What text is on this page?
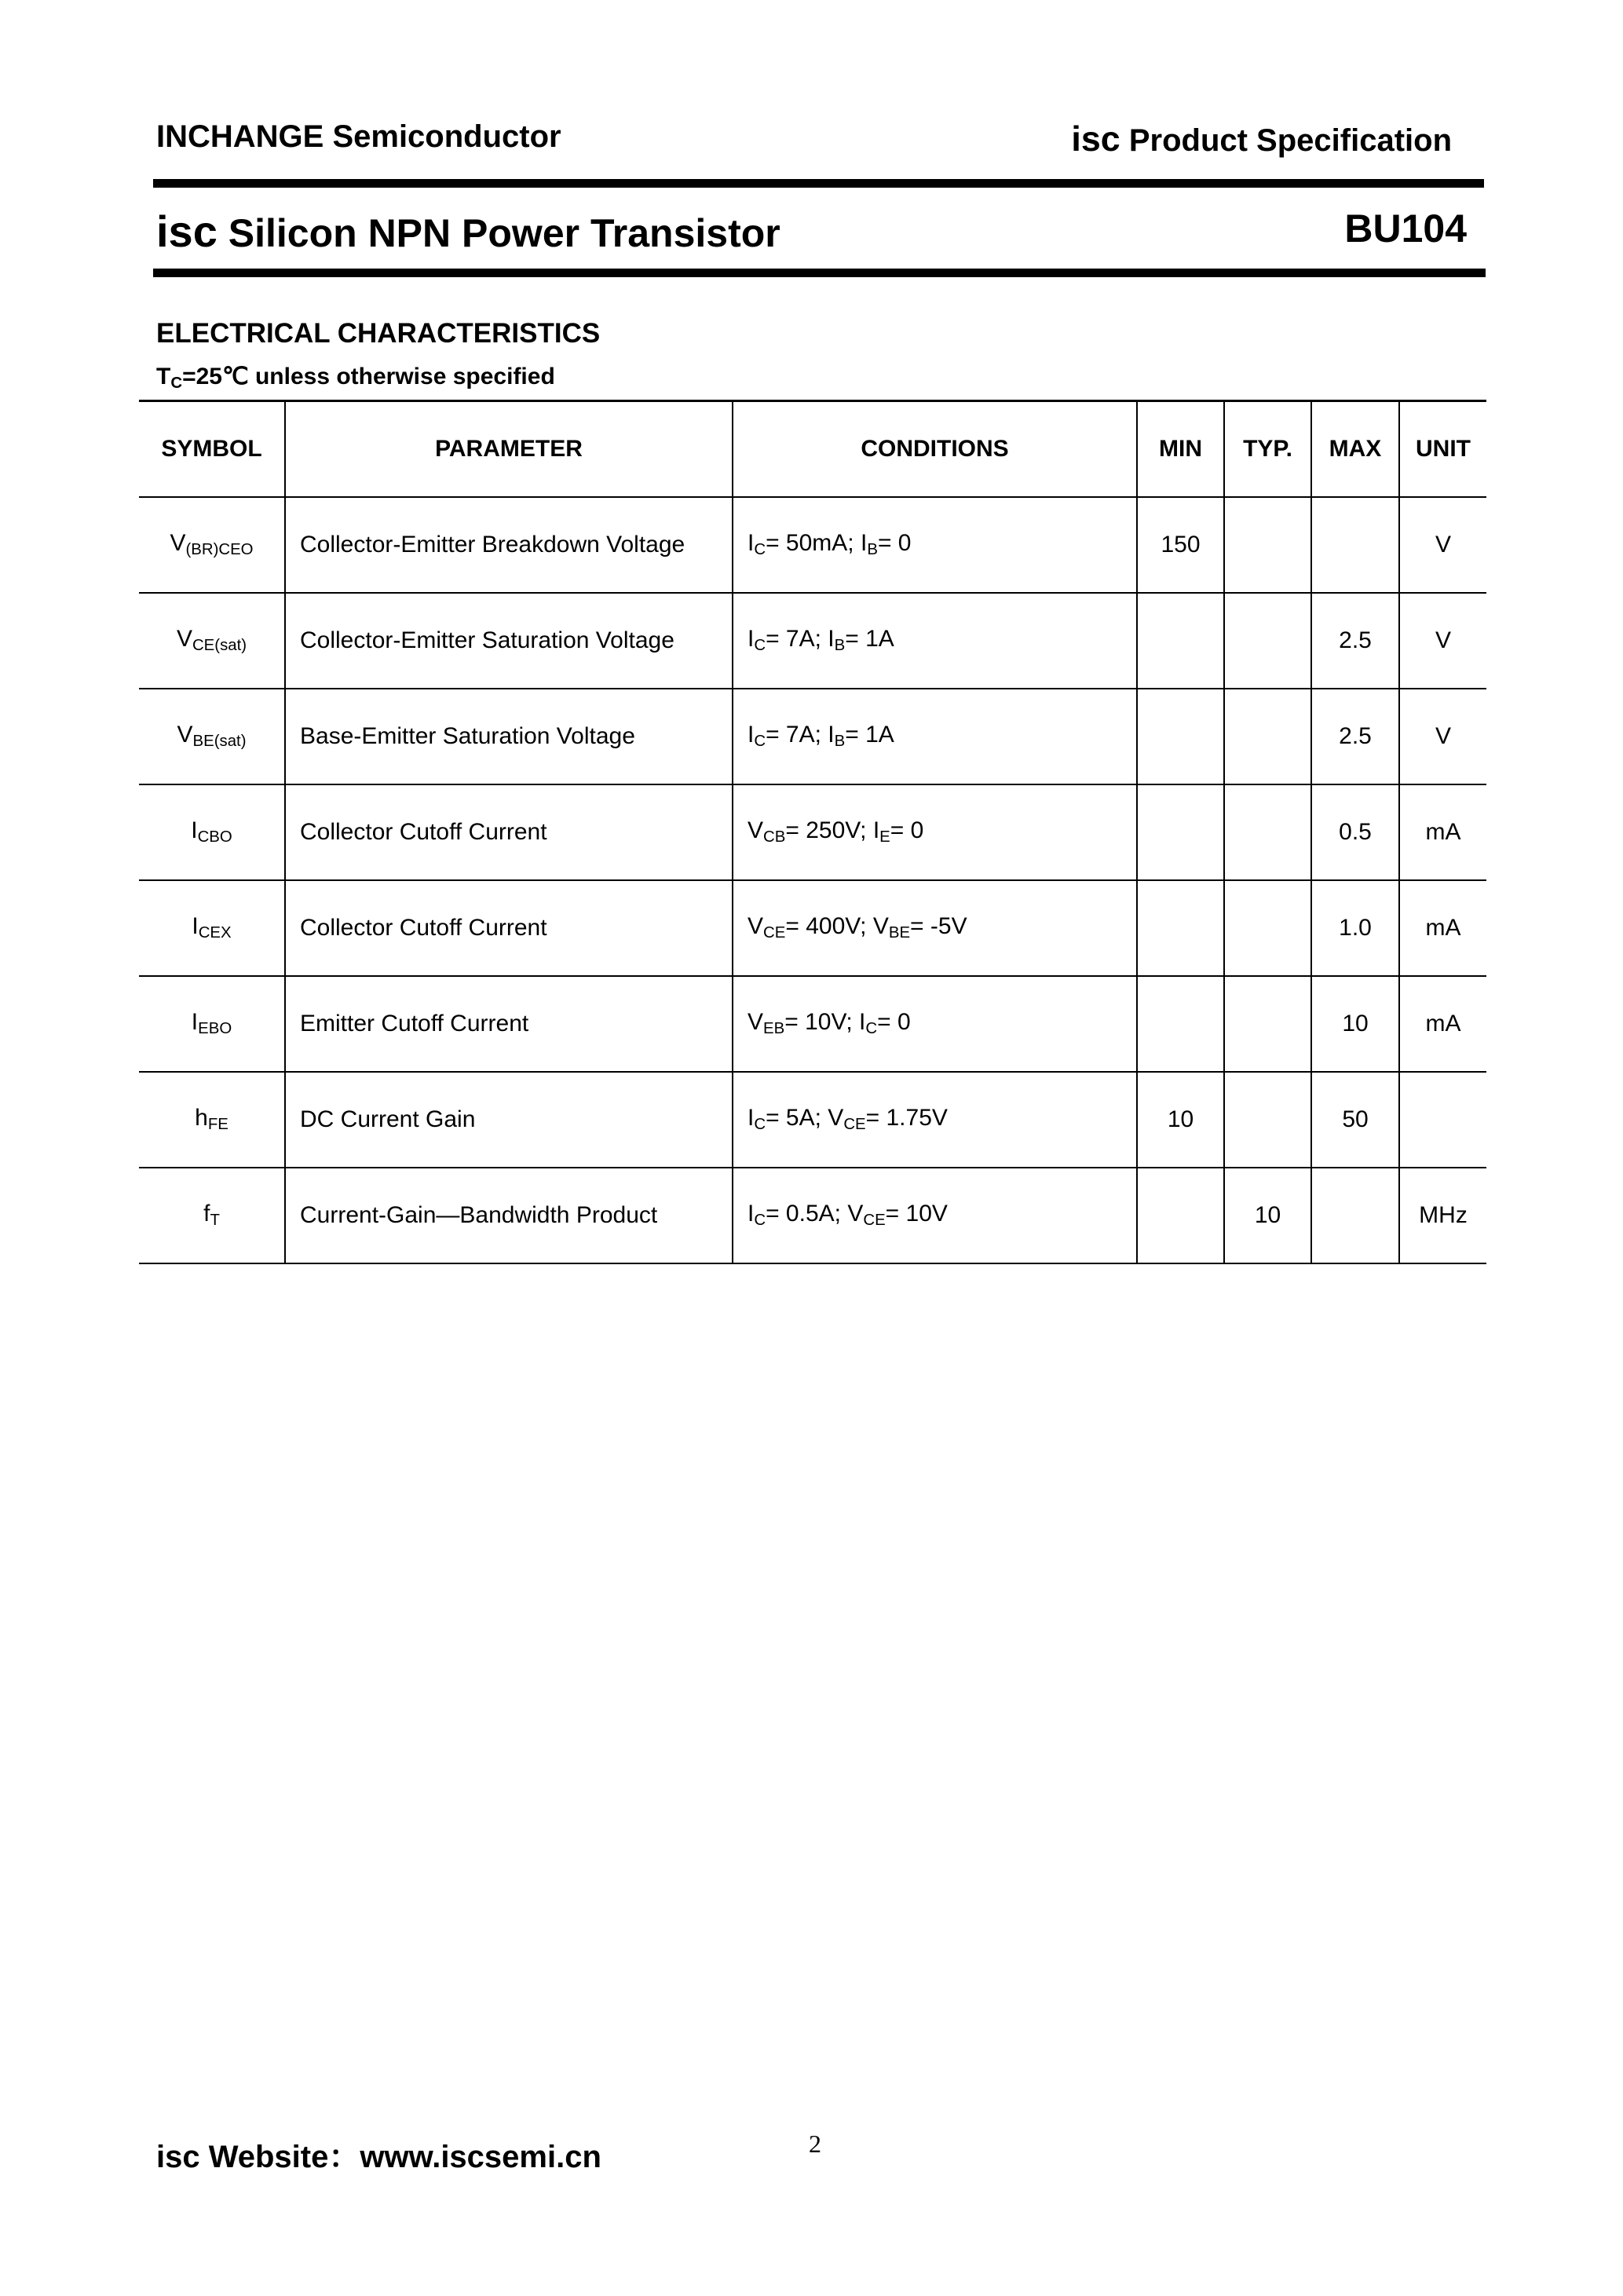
INCHANGE Semiconductor	isc Product Specification
isc Silicon NPN Power Transistor	BU104
ELECTRICAL CHARACTERISTICS
$T_C=25℃$ unless otherwise specified
SYMBOL	PARAMETER	CONDITIONS	MIN	TYP.	MAX	UNIT
$V_{(BR)CEO}$	Collector-Emitter Breakdown Voltage	$I_C= 50mA$; $I_B= 0$	150			V
$V_{CE(sat)}$	Collector-Emitter Saturation Voltage	$I_C= 7A$; $I_B= 1A$			2.5	V
$V_{BE(sat)}$	Base-Emitter Saturation Voltage	$I_C= 7A$; $I_B= 1A$			2.5	V
$I_{CBO}$	Collector Cutoff Current	$V_{CB}= 250V$; $I_E= 0$			0.5	mA
$I_{CEX}$	Collector Cutoff Current	$V_{CE}= 400V$; $V_{BE}= -5V$			1.0	mA
$I_{EBO}$	Emitter Cutoff Current	$V_{EB}= 10V$; $I_C= 0$			10	mA
$h_{FE}$	DC Current Gain	$I_C= 5A$; $V_{CE}= 1.75V$	10		50	
$f_T$	Current-Gain—Bandwidth Product	$I_C= 0.5A$; $V_{CE}= 10V$		10		MHz
isc Website：www.iscsemi.cn	2
